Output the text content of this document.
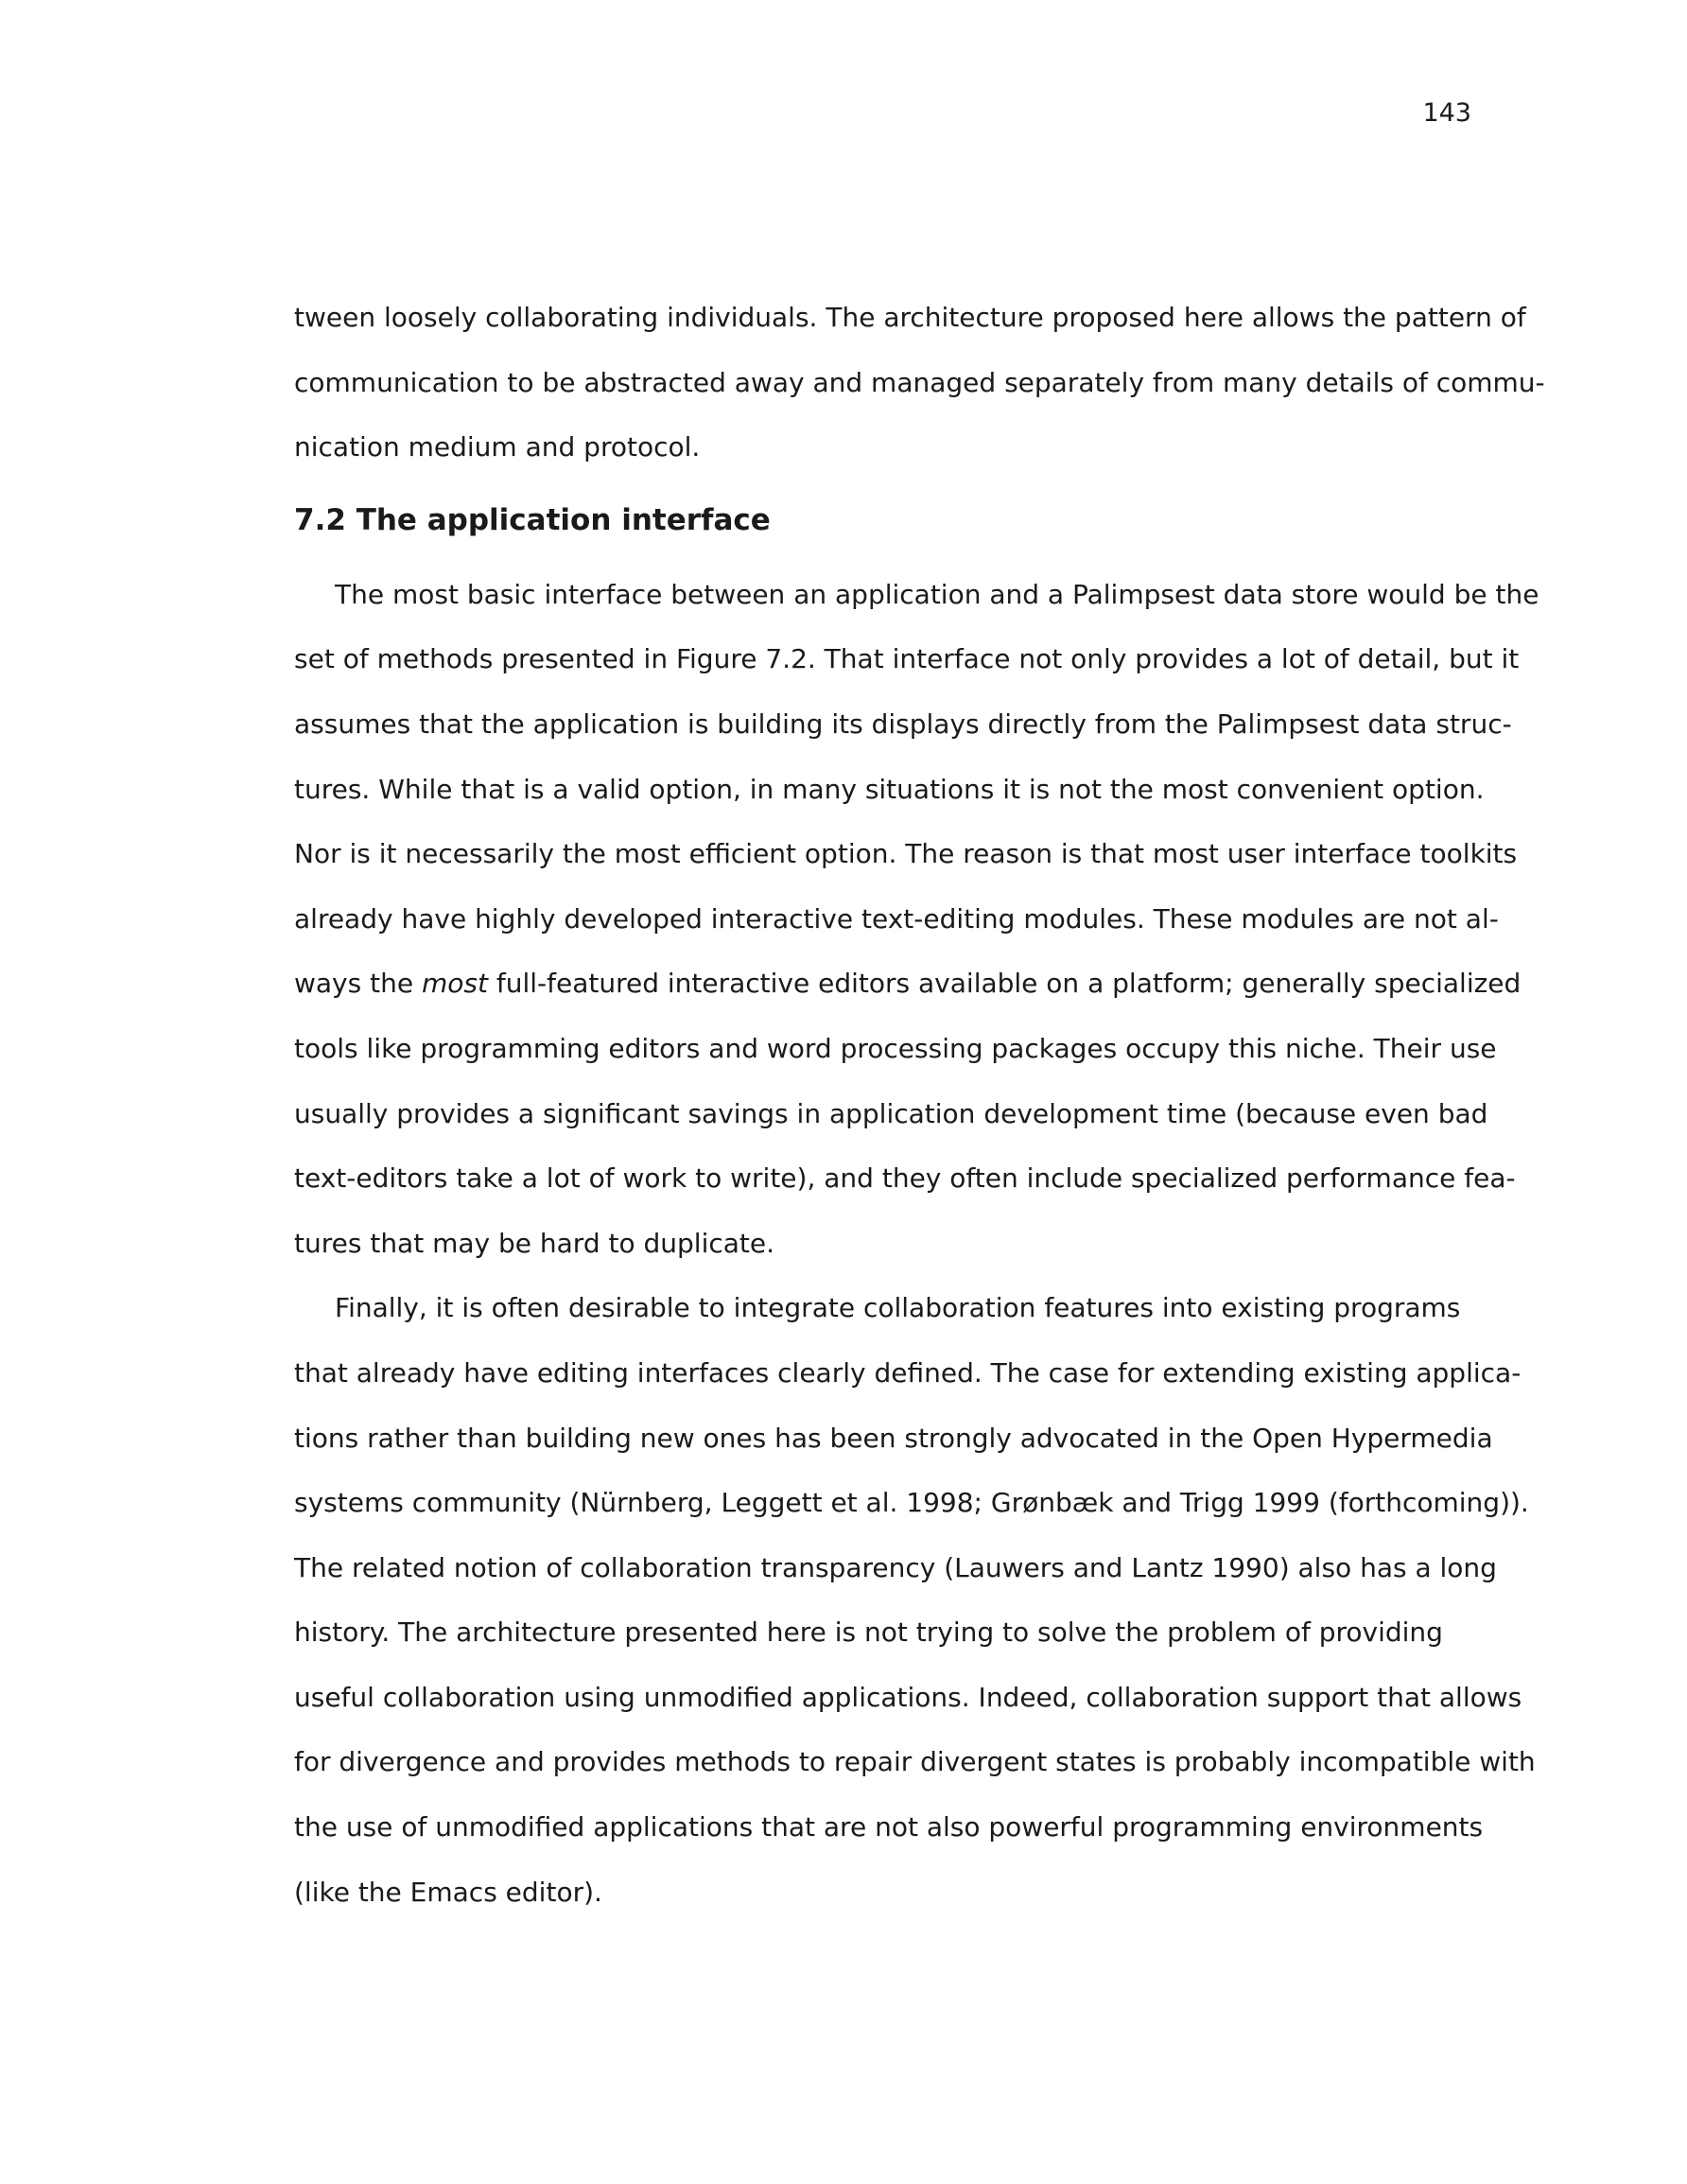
143
tween loosely collaborating individuals. The architecture proposed here allows the pattern of
communication to be abstracted away and managed separately from many details of commu-
nication medium and protocol.
7.2 The application interface
The most basic interface between an application and a Palimpsest data store would be the
set of methods presented in Figure 7.2. That interface not only provides a lot of detail, but it
assumes that the application is building its displays directly from the Palimpsest data struc-
tures. While that is a valid option, in many situations it is not the most convenient option.
Nor is it necessarily the most efficient option. The reason is that most user interface toolkits
already have highly developed interactive text-editing modules. These modules are not al-
ways the most full-featured interactive editors available on a platform; generally specialized
tools like programming editors and word processing packages occupy this niche. Their use
usually provides a significant savings in application development time (because even bad
text-editors take a lot of work to write), and they often include specialized performance fea-
tures that may be hard to duplicate.
Finally, it is often desirable to integrate collaboration features into existing programs
that already have editing interfaces clearly defined. The case for extending existing applica-
tions rather than building new ones has been strongly advocated in the Open Hypermedia
systems community (Nürnberg, Leggett et al. 1998; Grønbæk and Trigg 1999 (forthcoming)).
The related notion of collaboration transparency (Lauwers and Lantz 1990) also has a long
history. The architecture presented here is not trying to solve the problem of providing
useful collaboration using unmodified applications. Indeed, collaboration support that allows
for divergence and provides methods to repair divergent states is probably incompatible with
the use of unmodified applications that are not also powerful programming environments
(like the Emacs editor).
